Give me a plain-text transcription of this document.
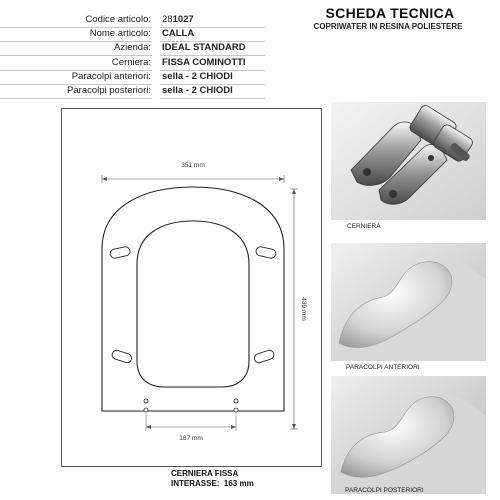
SCHEDA TECNICA
COPRIWATER IN RESINA POLIESTERE
Codice articolo: 281027
Nome articolo: CALLA
Azienda: IDEAL STANDARD
Cerniera: FISSA COMINOTTI
Paracolpi anteriori: sella - 2 CHIODI
Paracolpi posteriori: sella - 2 CHIODI
351 mm
439 mm
187 mm
CERNIERA FISSA
INTERASSE: 163 mm
CERNIERA
PARACOLPI ANTERIORI
PARACOLPI POSTERIORI
